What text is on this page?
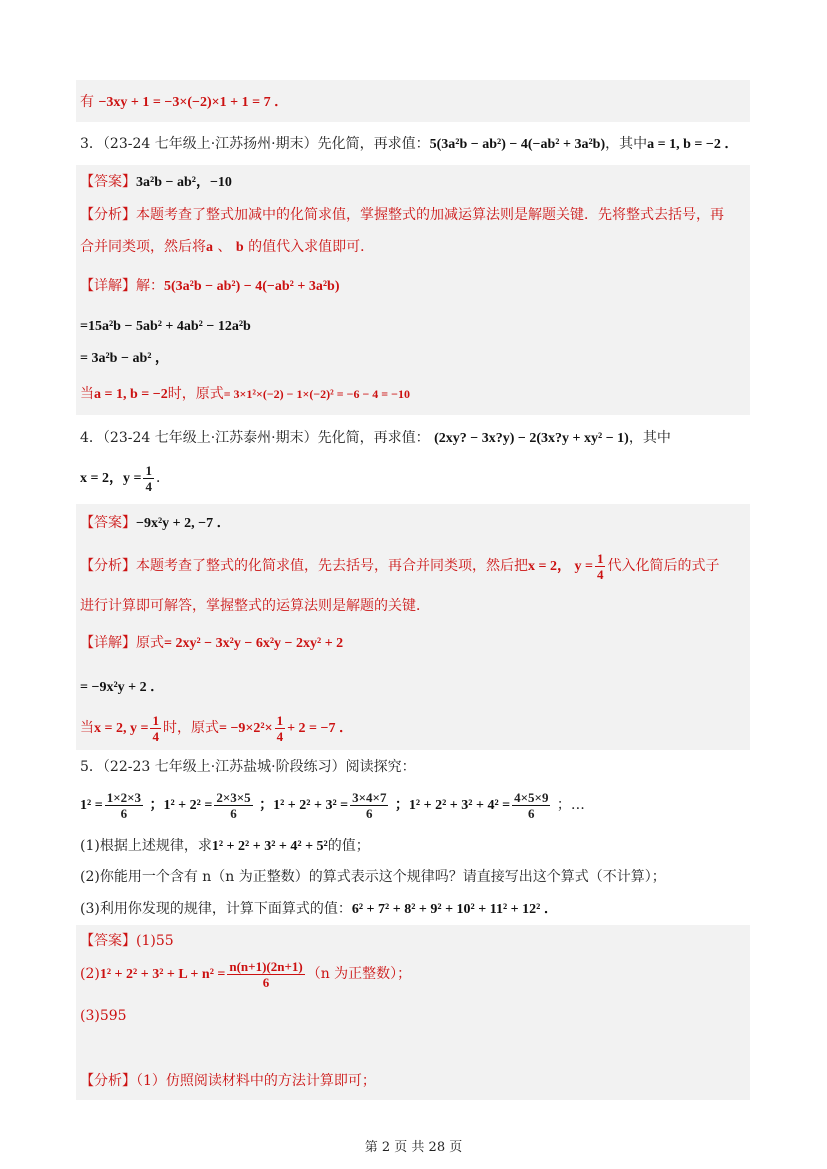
有 −3xy + 1 = −3×(−2)×1 + 1 = 7 ．
3．（23-24 七年级上·江苏扬州·期末）先化简，再求值：5(3a²b − ab²) − 4(−ab² + 3a²b)，其中a = 1, b = −2 ．
【答案】3a²b − ab²，−10
【分析】本题考查了整式加减中的化简求值，掌握整式的加减运算法则是解题关键．先将整式去括号，再
合并同类项，然后将a 、 b 的值代入求值即可．
【详解】解：5(3a²b − ab²) − 4(−ab² + 3a²b)
=15a²b − 5ab² + 4ab² − 12a²b
= 3a²b − ab² ，
当a = 1, b = −2时，原式= 3×1²×(−2) − 1×(−2)² = −6 − 4 = −10
4．（23-24 七年级上·江苏泰州·期末）先化简，再求值： (2xy? − 3x?y) − 2(3x?y + xy² − 1)，其中
x = 2，$y = \frac{1}{4}$ ．
【答案】−9x²y + 2, −7 ．
【分析】本题考查了整式的化简求值，先去括号，再合并同类项，然后把x = 2， $y = \frac{1}{4}$ 代入化简后的式子
进行计算即可解答，掌握整式的运算法则是解题的关键．
【详解】原式= 2xy² − 3x²y − 6x²y − 2xy² + 2
= −9x²y + 2 ．
当x = 2, $y = \frac{1}{4}$ 时，原式= $-9\times 2^2\times \frac{1}{4} + 2 = -7$ ．
5．（22-23 七年级上·江苏盐城·阶段练习）阅读探究：
$1^2 = \frac{1\times 2\times 3}{6}$ ；$1^2 + 2^2 = \frac{2\times 3\times 5}{6}$ ；$1^2 + 2^2 + 3^2 = \frac{3\times 4\times 7}{6}$ ；$1^2 + 2^2 + 3^2 + 4^2 = \frac{4\times 5\times 9}{6}$ ；…
(1)根据上述规律，求1² + 2² + 3² + 4² + 5²的值；
(2)你能用一个含有 n（n 为正整数）的算式表示这个规律吗？请直接写出这个算式（不计算）；
(3)利用你发现的规律，计算下面算式的值：6² + 7² + 8² + 9² + 10² + 11² + 12² ．
【答案】(1)55
$(2)1^2 + 2^2 + 3^2 + L + n^2 = \frac{n(n+1)(2n+1)}{6} (n$ 为正整数）；
(3)595
【分析】（1）仿照阅读材料中的方法计算即可；
第 2 页 共 28 页
